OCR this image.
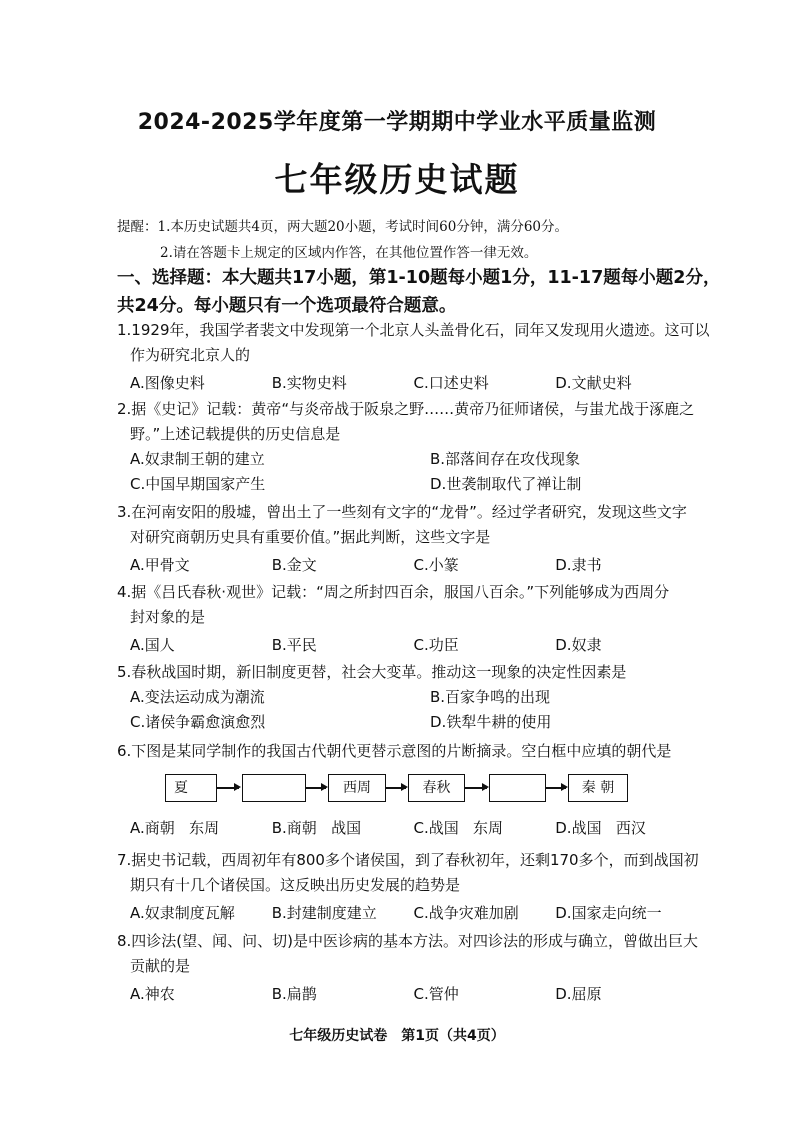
2024-2025学年度第一学期期中学业水平质量监测
七年级历史试题
提醒：1.本历史试题共4页，两大题20小题，考试时间60分钟，满分60分。
2.请在答题卡上规定的区域内作答，在其他位置作答一律无效。
一、选择题：本大题共17小题，第1-10题每小题1分，11-17题每小题2分，
共24分。每小题只有一个选项最符合题意。
1.1929年，我国学者裴文中发现第一个北京人头盖骨化石，同年又发现用火遗迹。这可以
作为研究北京人的
A.图像史料	B.实物史料	C.口述史料	D.文献史料
2.据《史记》记载：黄帝“与炎帝战于阪泉之野……黄帝乃征师诸侯，与蚩尤战于涿鹿之
野。”上述记载提供的历史信息是
A.奴隶制王朝的建立	B.部落间存在攻伐现象
C.中国早期国家产生	D.世袭制取代了禅让制
3.在河南安阳的殷墟，曾出土了一些刻有文字的“龙骨”。经过学者研究，发现这些文字
对研究商朝历史具有重要价值。”据此判断，这些文字是
A.甲骨文	B.金文	C.小篆	D.隶书
4.据《吕氏春秋·观世》记载：“周之所封四百余，服国八百余。”下列能够成为西周分
封对象的是
A.国人	B.平民	C.功臣	D.奴隶
5.春秋战国时期，新旧制度更替，社会大变革。推动这一现象的决定性因素是
A.变法运动成为潮流	B.百家争鸣的出现
C.诸侯争霸愈演愈烈	D.铁犁牛耕的使用
6.下图是某同学制作的我国古代朝代更替示意图的片断摘录。空白框中应填的朝代是
夏	西周	春秋	秦 朝
A.商朝   东周	B.商朝   战国	C.战国   东周	D.战国   西汉
7.据史书记载，西周初年有800多个诸侯国，到了春秋初年，还剩170多个，而到战国初
期只有十几个诸侯国。这反映出历史发展的趋势是
A.奴隶制度瓦解	B.封建制度建立	C.战争灾难加剧	D.国家走向统一
8.四诊法(望、闻、问、切)是中医诊病的基本方法。对四诊法的形成与确立，曾做出巨大
贡献的是
A.神农	B.扁鹊	C.管仲	D.屈原
七年级历史试卷　第1页（共4页）
